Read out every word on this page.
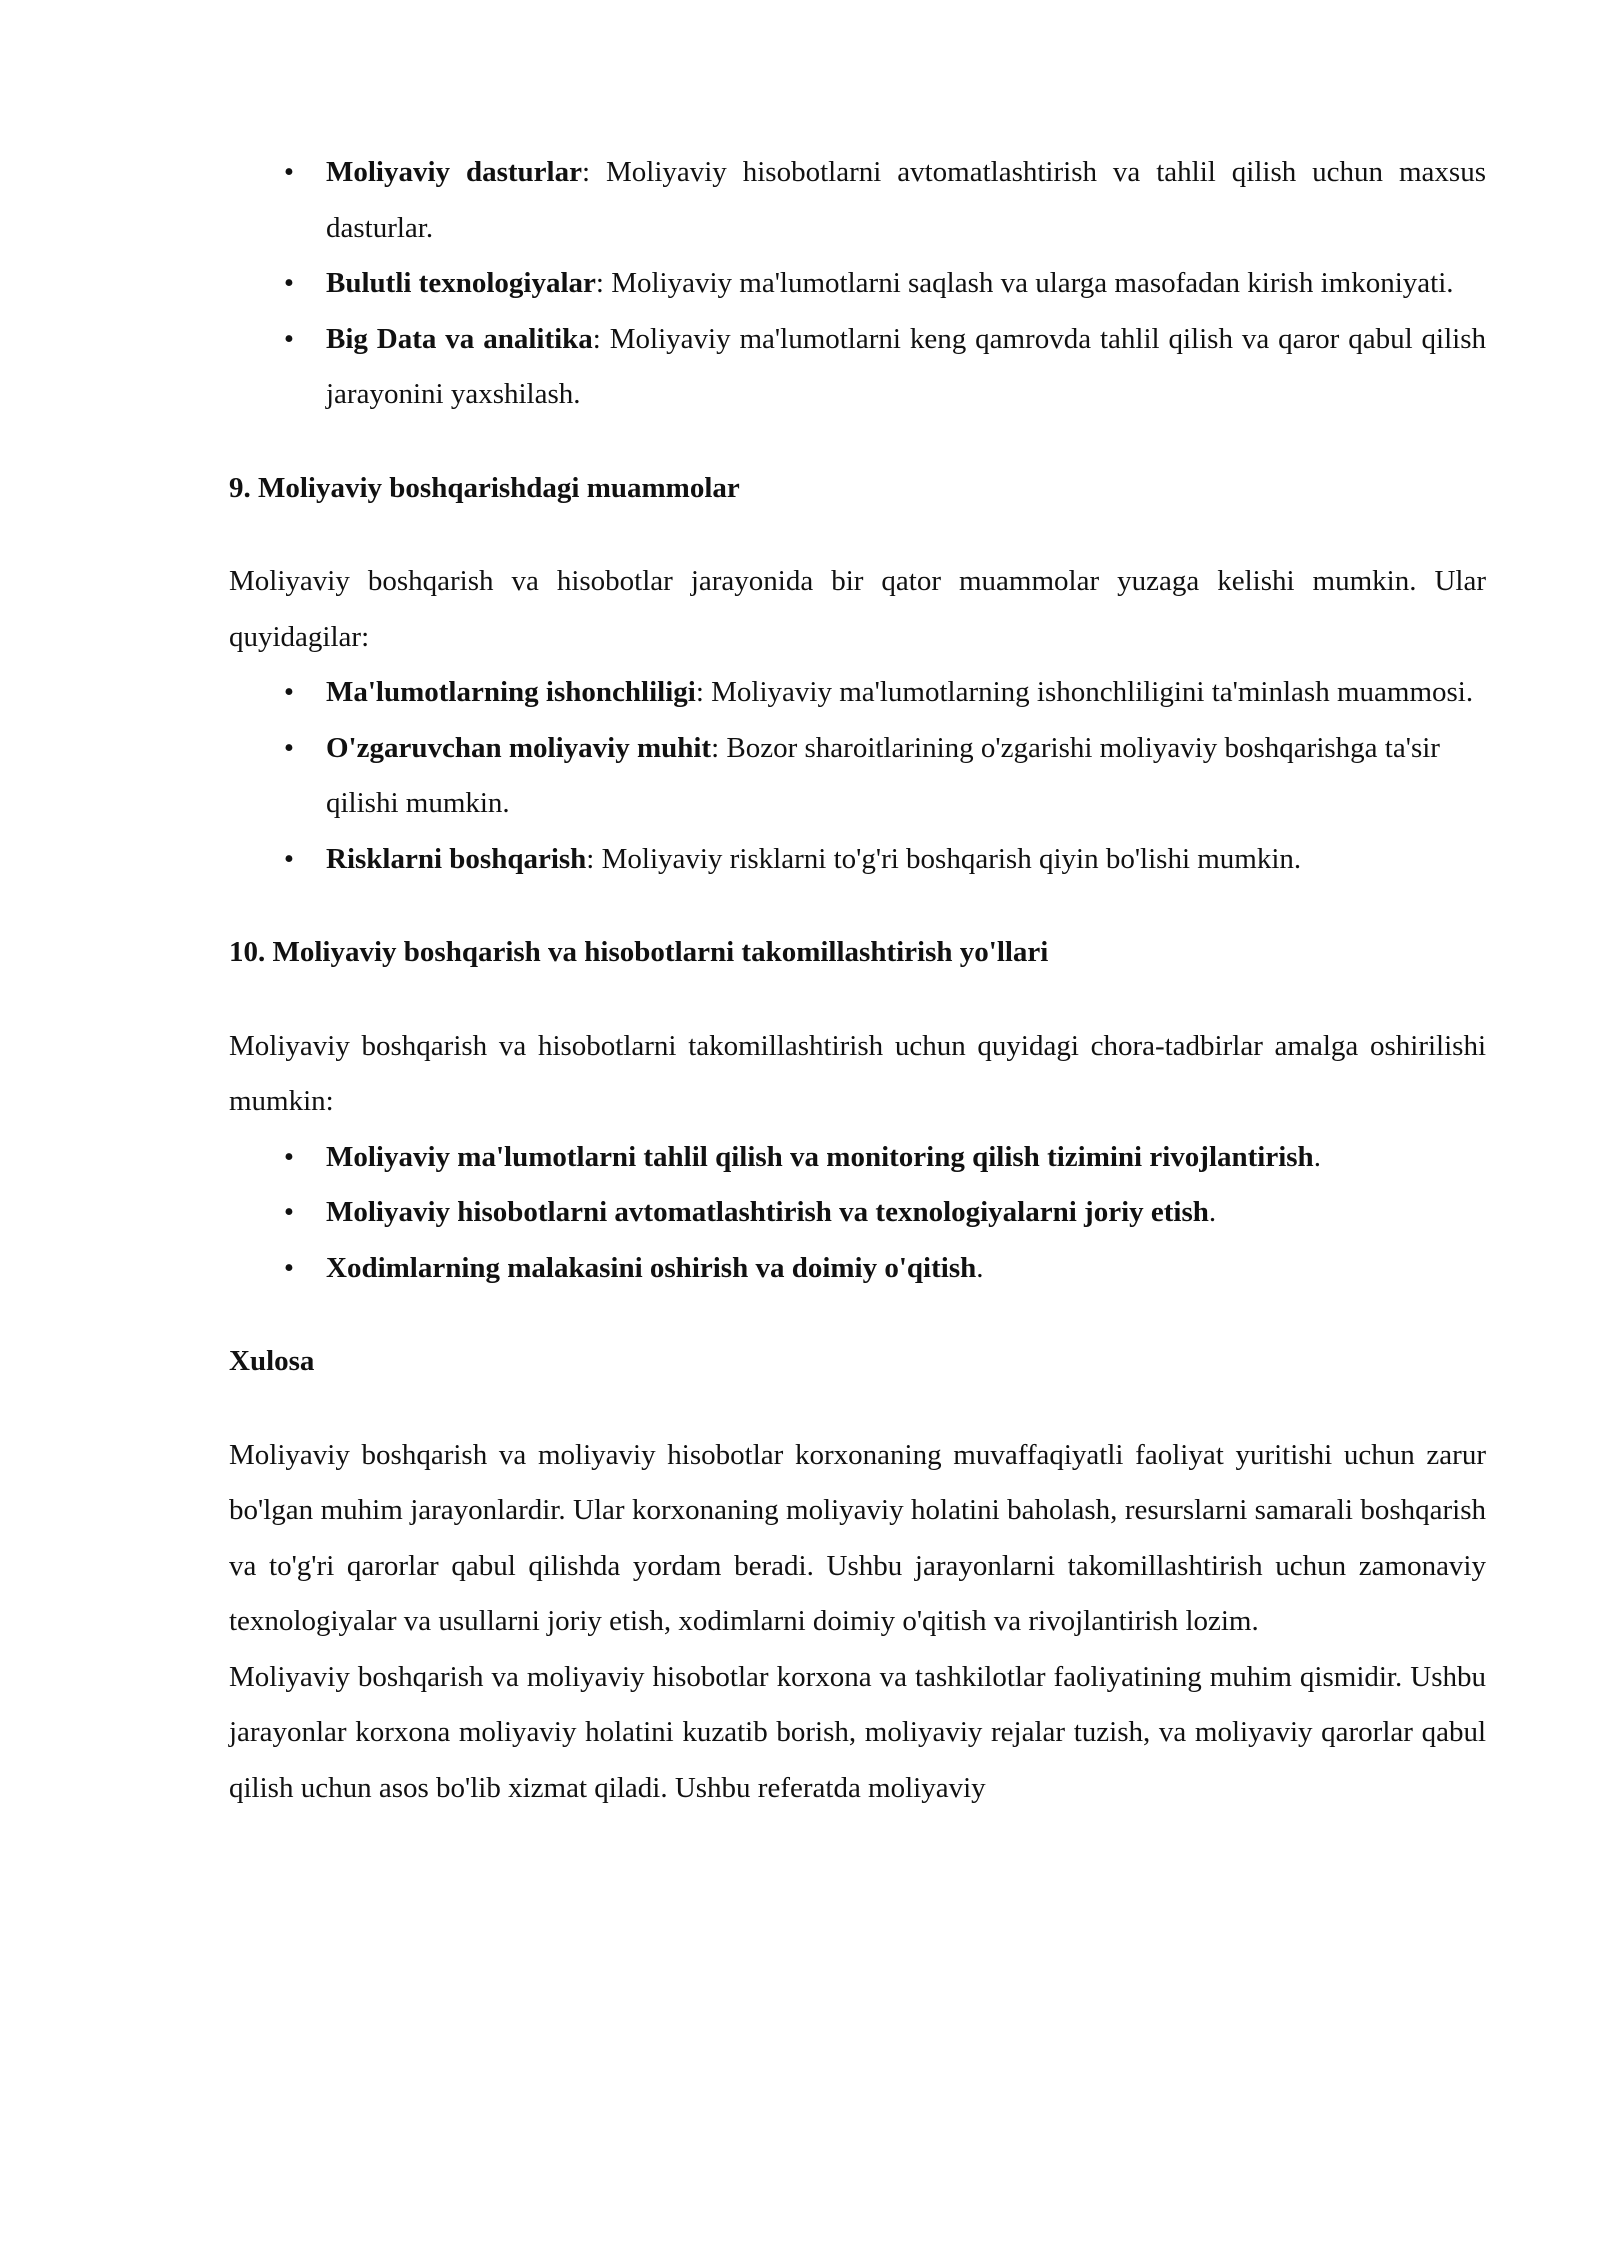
• Moliyaviy dasturlar: Moliyaviy hisobotlarni avtomatlashtirish va tahlil qilish uchun maxsus dasturlar.
• Bulutli texnologiyalar: Moliyaviy ma'lumotlarni saqlash va ularga masofadan kirish imkoniyati.
• Big Data va analitika: Moliyaviy ma'lumotlarni keng qamrovda tahlil qilish va qaror qabul qilish jarayonini yaxshilash.
9. Moliyaviy boshqarishdagi muammolar

Moliyaviy boshqarish va hisobotlar jarayonida bir qator muammolar yuzaga kelishi mumkin. Ular quyidagilar:

• Ma'lumotlarning ishonchliligi: Moliyaviy ma'lumotlarning ishonchliligini ta'minlash muammosi.
• O'zgaruvchan moliyaviy muhit: Bozor sharoitlarining o'zgarishi moliyaviy boshqarishga ta'sir qilishi mumkin.
• Risklarni boshqarish: Moliyaviy risklarni to'g'ri boshqarish qiyin bo'lishi mumkin.
10. Moliyaviy boshqarish va hisobotlarni takomillashtirish yo'llari

Moliyaviy boshqarish va hisobotlarni takomillashtirish uchun quyidagi chora-tadbirlar amalga oshirilishi mumkin:

• Moliyaviy ma'lumotlarni tahlil qilish va monitoring qilish tizimini rivojlantirish.
• Moliyaviy hisobotlarni avtomatlashtirish va texnologiyalarni joriy etish.
• Xodimlarning malakasini oshirish va doimiy o'qitish.
Xulosa

Moliyaviy boshqarish va moliyaviy hisobotlar korxonaning muvaffaqiyatli faoliyat yuritishi uchun zarur bo'lgan muhim jarayonlardir. Ular korxonaning moliyaviy holatini baholash, resurslarni samarali boshqarish va to'g'ri qarorlar qabul qilishda yordam beradi. Ushbu jarayonlarni takomillashtirish uchun zamonaviy texnologiyalar va usullarni joriy etish, xodimlarni doimiy o'qitish va rivojlantirish lozim.

Moliyaviy boshqarish va moliyaviy hisobotlar korxona va tashkilotlar faoliyatining muhim qismidir. Ushbu jarayonlar korxona moliyaviy holatini kuzatib borish, moliyaviy rejalar tuzish, va moliyaviy qarorlar qabul qilish uchun asos bo'lib xizmat qiladi. Ushbu referatda moliyaviy
